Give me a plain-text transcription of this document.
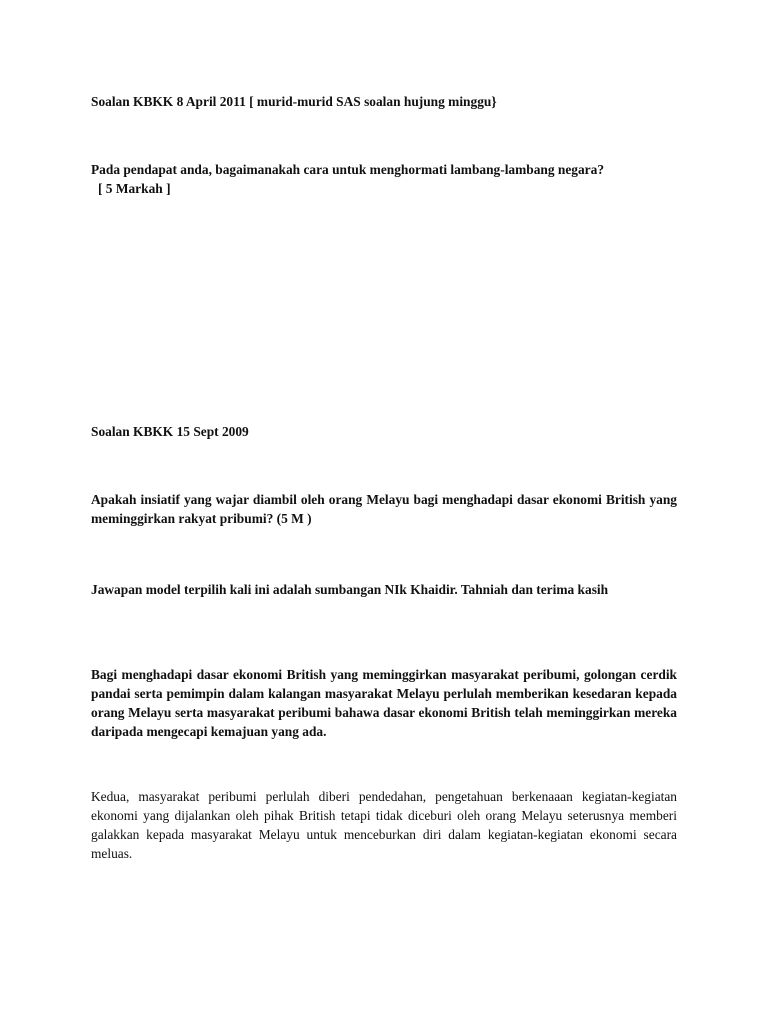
Soalan KBKK 8 April 2011 [ murid-murid SAS soalan hujung minggu}

Pada pendapat anda, bagaimanakah cara untuk menghormati lambang-lambang negara?
[ 5 Markah ]

Soalan KBKK 15 Sept 2009

Apakah insiatif yang wajar diambil oleh orang Melayu bagi menghadapi dasar ekonomi British yang meminggirkan rakyat pribumi? (5 M )

Jawapan model terpilih kali ini adalah sumbangan NIk Khaidir. Tahniah dan terima kasih

Bagi menghadapi dasar ekonomi British yang meminggirkan masyarakat peribumi, golongan cerdik pandai serta pemimpin dalam kalangan masyarakat Melayu perlulah memberikan kesedaran kepada orang Melayu serta masyarakat peribumi bahawa dasar ekonomi British telah meminggirkan mereka daripada mengecapi kemajuan yang ada.

Kedua, masyarakat peribumi perlulah diberi pendedahan, pengetahuan berkenaaan kegiatan-kegiatan ekonomi yang dijalankan oleh pihak British tetapi tidak diceburi oleh orang Melayu seterusnya memberi galakkan kepada masyarakat Melayu untuk menceburkan diri dalam kegiatan-kegiatan ekonomi secara meluas.
